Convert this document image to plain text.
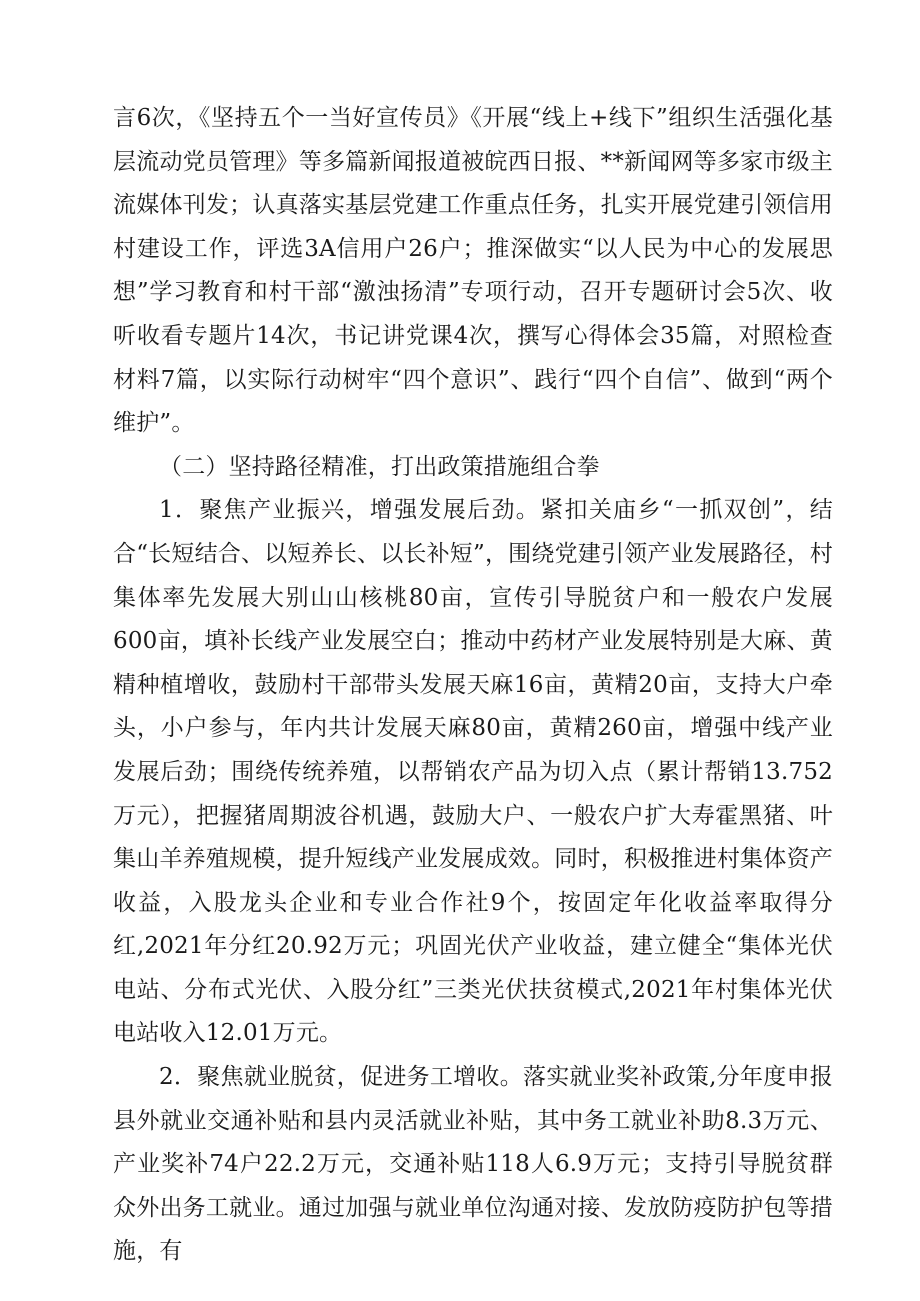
言6次，《坚持五个一当好宣传员》《开展“线上+线下”组织生活强化基层流动党员管理》等多篇新闻报道被皖西日报、**新闻网等多家市级主流媒体刊发；认真落实基层党建工作重点任务，扎实开展党建引领信用村建设工作，评选3A信用户26户；推深做实“以人民为中心的发展思想”学习教育和村干部“激浊扬清”专项行动，召开专题研讨会5次、收听收看专题片14次，书记讲党课4次，撰写心得体会35篇，对照检查材料7篇，以实际行动树牢“四个意识”、践行“四个自信”、做到“两个维护”。

（二）坚持路径精准，打出政策措施组合拳

1．聚焦产业振兴，增强发展后劲。紧扣关庙乡“一抓双创”，结合“长短结合、以短养长、以长补短”，围绕党建引领产业发展路径，村集体率先发展大别山山核桃80亩，宣传引导脱贫户和一般农户发展600亩，填补长线产业发展空白；推动中药材产业发展特别是大麻、黄精种植增收，鼓励村干部带头发展天麻16亩，黄精20亩，支持大户牵头，小户参与，年内共计发展天麻80亩，黄精260亩，增强中线产业发展后劲；围绕传统养殖，以帮销农产品为切入点（累计帮销13.752万元），把握猪周期波谷机遇，鼓励大户、一般农户扩大寿霍黑猪、叶集山羊养殖规模，提升短线产业发展成效。同时，积极推进村集体资产收益，入股龙头企业和专业合作社9个，按固定年化收益率取得分红,2021年分红20.92万元；巩固光伏产业收益，建立健全“集体光伏电站、分布式光伏、入股分红”三类光伏扶贫模式,2021年村集体光伏电站收入12.01万元。

2．聚焦就业脱贫，促进务工增收。落实就业奖补政策,分年度申报县外就业交通补贴和县内灵活就业补贴，其中务工就业补助8.3万元、产业奖补74户22.2万元，交通补贴118人6.9万元；支持引导脱贫群众外出务工就业。通过加强与就业单位沟通对接、发放防疫防护包等措施，有
